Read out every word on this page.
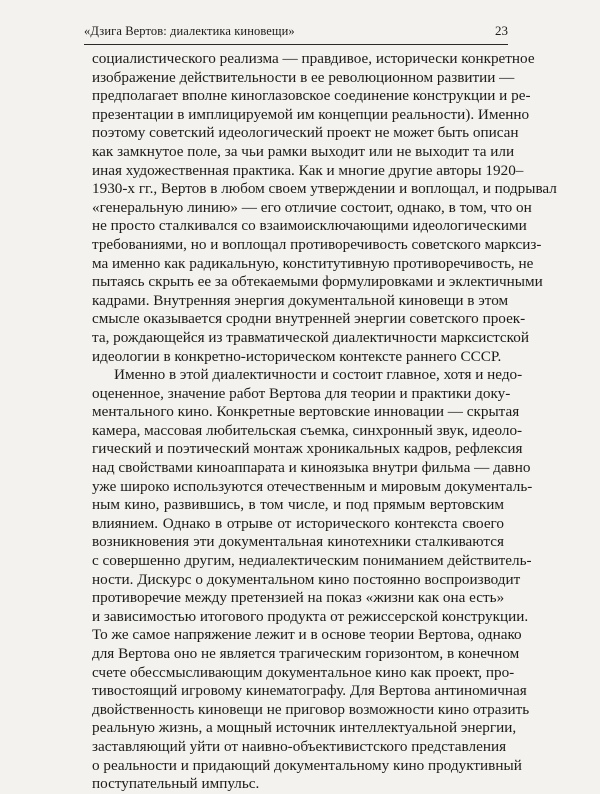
«Дзига Вертов: диалектика киновещи»	23
социалистического реализма — правдивое, исторически конкретное
изображение действительности в ее революционном развитии —
предполагает вполне киноглазовское соединение конструкции и ре-
презентации в имплицируемой им концепции реальности). Именно
поэтому советский идеологический проект не может быть описан
как замкнутое поле, за чьи рамки выходит или не выходит та или
иная художественная практика. Как и многие другие авторы 1920–
1930-х гг., Вертов в любом своем утверждении и воплощал, и подрывал
«генеральную линию» — его отличие состоит, однако, в том, что он
не просто сталкивался со взаимоисключающими идеологическими
требованиями, но и воплощал противоречивость советского марксиз-
ма именно как радикальную, конститутивную противоречивость, не
пытаясь скрыть ее за обтекаемыми формулировками и эклектичными
кадрами. Внутренняя энергия документальной киновещи в этом
смысле оказывается сродни внутренней энергии советского проек-
та, рождающейся из травматической диалектичности марксистской
идеологии в конкретно-историческом контексте раннего СССР.
Именно в этой диалектичности и состоит главное, хотя и недо-
оцененное, значение работ Вертова для теории и практики доку-
ментального кино. Конкретные вертовские инновации — скрытая
камера, массовая любительская съемка, синхронный звук, идеоло-
гический и поэтический монтаж хроникальных кадров, рефлексия
над свойствами киноаппарата и киноязыка внутри фильма — давно
уже широко используются отечественным и мировым документаль-
ным кино, развившись, в том числе, и под прямым вертовским
влиянием. Однако в отрыве от исторического контекста своего
возникновения эти документальная кинотехники сталкиваются
с совершенно другим, недиалектическим пониманием действитель-
ности. Дискурс о документальном кино постоянно воспроизводит
противоречие между претензией на показ «жизни как она есть»
и зависимостью итогового продукта от режиссерской конструкции.
То же самое напряжение лежит и в основе теории Вертова, однако
для Вертова оно не является трагическим горизонтом, в конечном
счете обессмысливающим документальное кино как проект, про-
тивостоящий игровому кинематографу. Для Вертова антиномичная
двойственность киновещи не приговор возможности кино отразить
реальную жизнь, а мощный источник интеллектуальной энергии,
заставляющий уйти от наивно-объективистского представления
о реальности и придающий документальному кино продуктивный
поступательный импульс.
